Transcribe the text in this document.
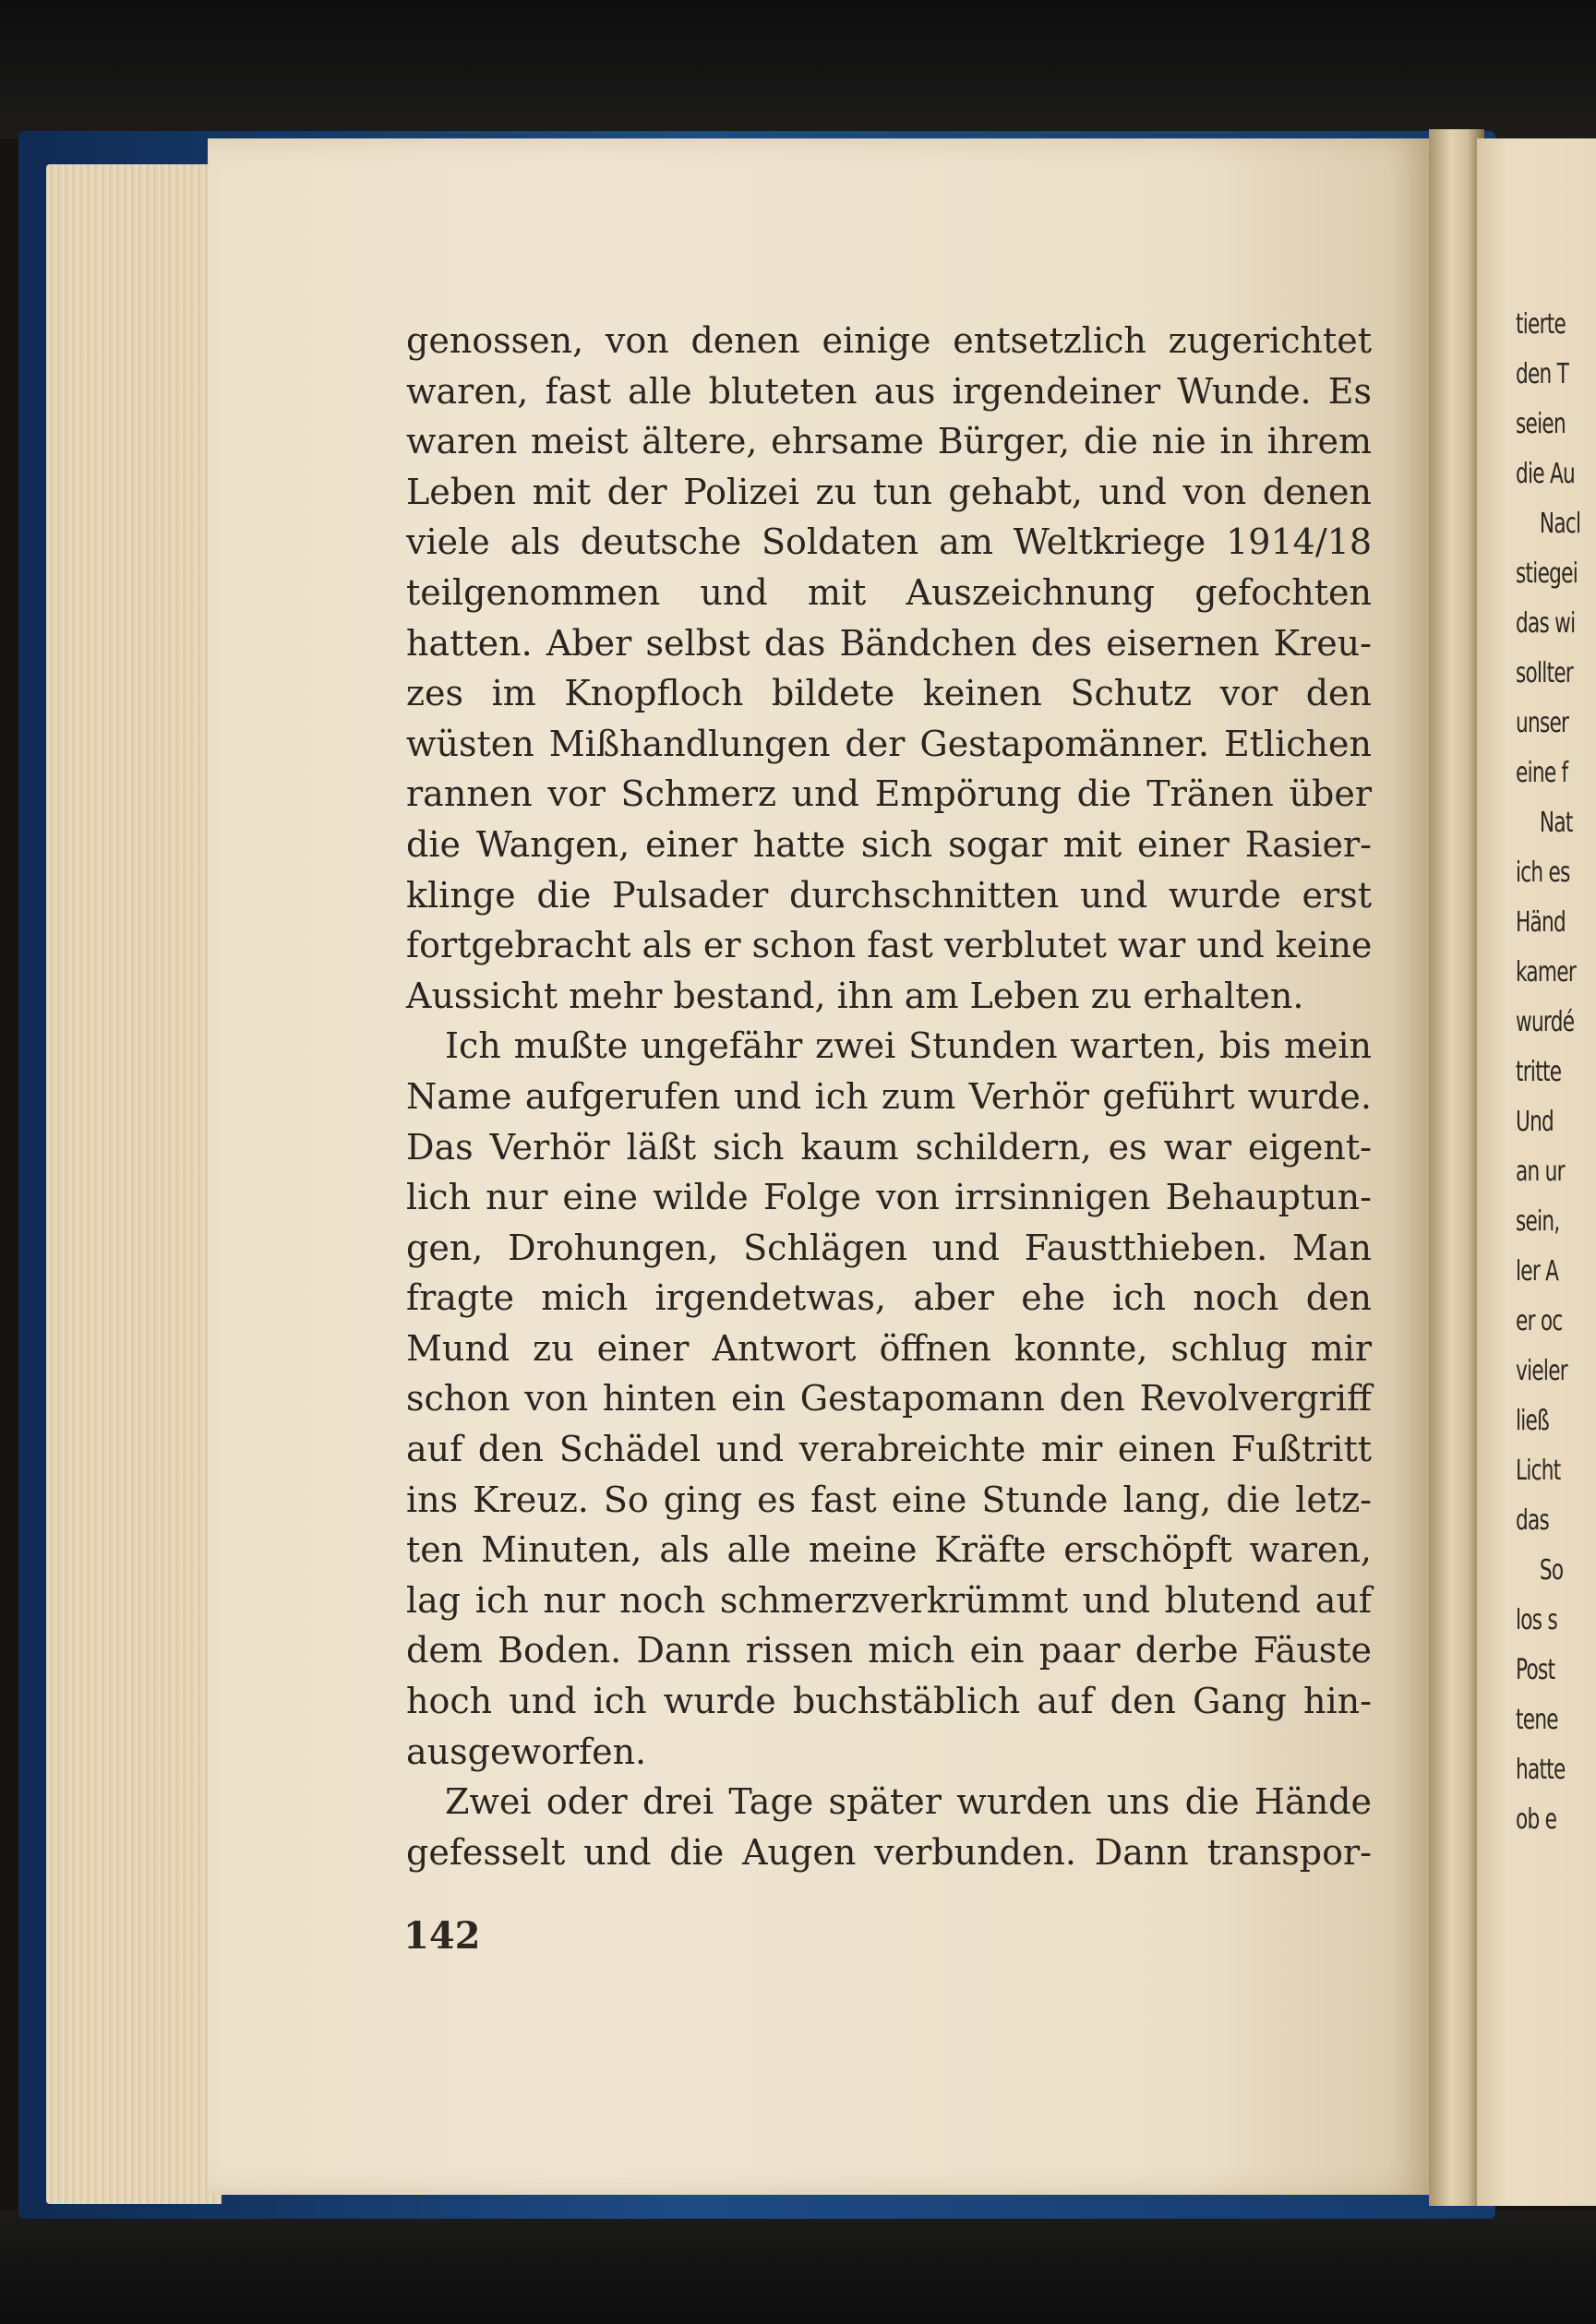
genossen, von denen einige entsetzlich zugerichtet
waren, fast alle bluteten aus irgendeiner Wunde. Es
waren meist ältere, ehrsame Bürger, die nie in ihrem
Leben mit der Polizei zu tun gehabt, und von denen
viele als deutsche Soldaten am Weltkriege 1914/18
teilgenommen und mit Auszeichnung gefochten
hatten. Aber selbst das Bändchen des eisernen Kreu-
zes im Knopfloch bildete keinen Schutz vor den
wüsten Mißhandlungen der Gestapomänner. Etlichen
rannen vor Schmerz und Empörung die Tränen über
die Wangen, einer hatte sich sogar mit einer Rasier-
klinge die Pulsader durchschnitten und wurde erst
fortgebracht als er schon fast verblutet war und keine
Aussicht mehr bestand, ihn am Leben zu erhalten.
Ich mußte ungefähr zwei Stunden warten, bis mein
Name aufgerufen und ich zum Verhör geführt wurde.
Das Verhör läßt sich kaum schildern, es war eigent-
lich nur eine wilde Folge von irrsinnigen Behauptun-
gen, Drohungen, Schlägen und Faustthieben. Man
fragte mich irgendetwas, aber ehe ich noch den
Mund zu einer Antwort öffnen konnte, schlug mir
schon von hinten ein Gestapomann den Revolvergriff
auf den Schädel und verabreichte mir einen Fußtritt
ins Kreuz. So ging es fast eine Stunde lang, die letz-
ten Minuten, als alle meine Kräfte erschöpft waren,
lag ich nur noch schmerzverkrümmt und blutend auf
dem Boden. Dann rissen mich ein paar derbe Fäuste
hoch und ich wurde buchstäblich auf den Gang hin-
ausgeworfen.
Zwei oder drei Tage später wurden uns die Hände
gefesselt und die Augen verbunden. Dann transpor-
142
tierte
den T
seien
die Au
Nacl
stiegei
das wi
sollter
unser
eine f
Nat
ich es
Händ
kamer
wurdé
tritte
Und
an ur
sein,
ler A
er oc
vieler
ließ
Licht
das
So
los s
Post
tene
hatte
ob e
